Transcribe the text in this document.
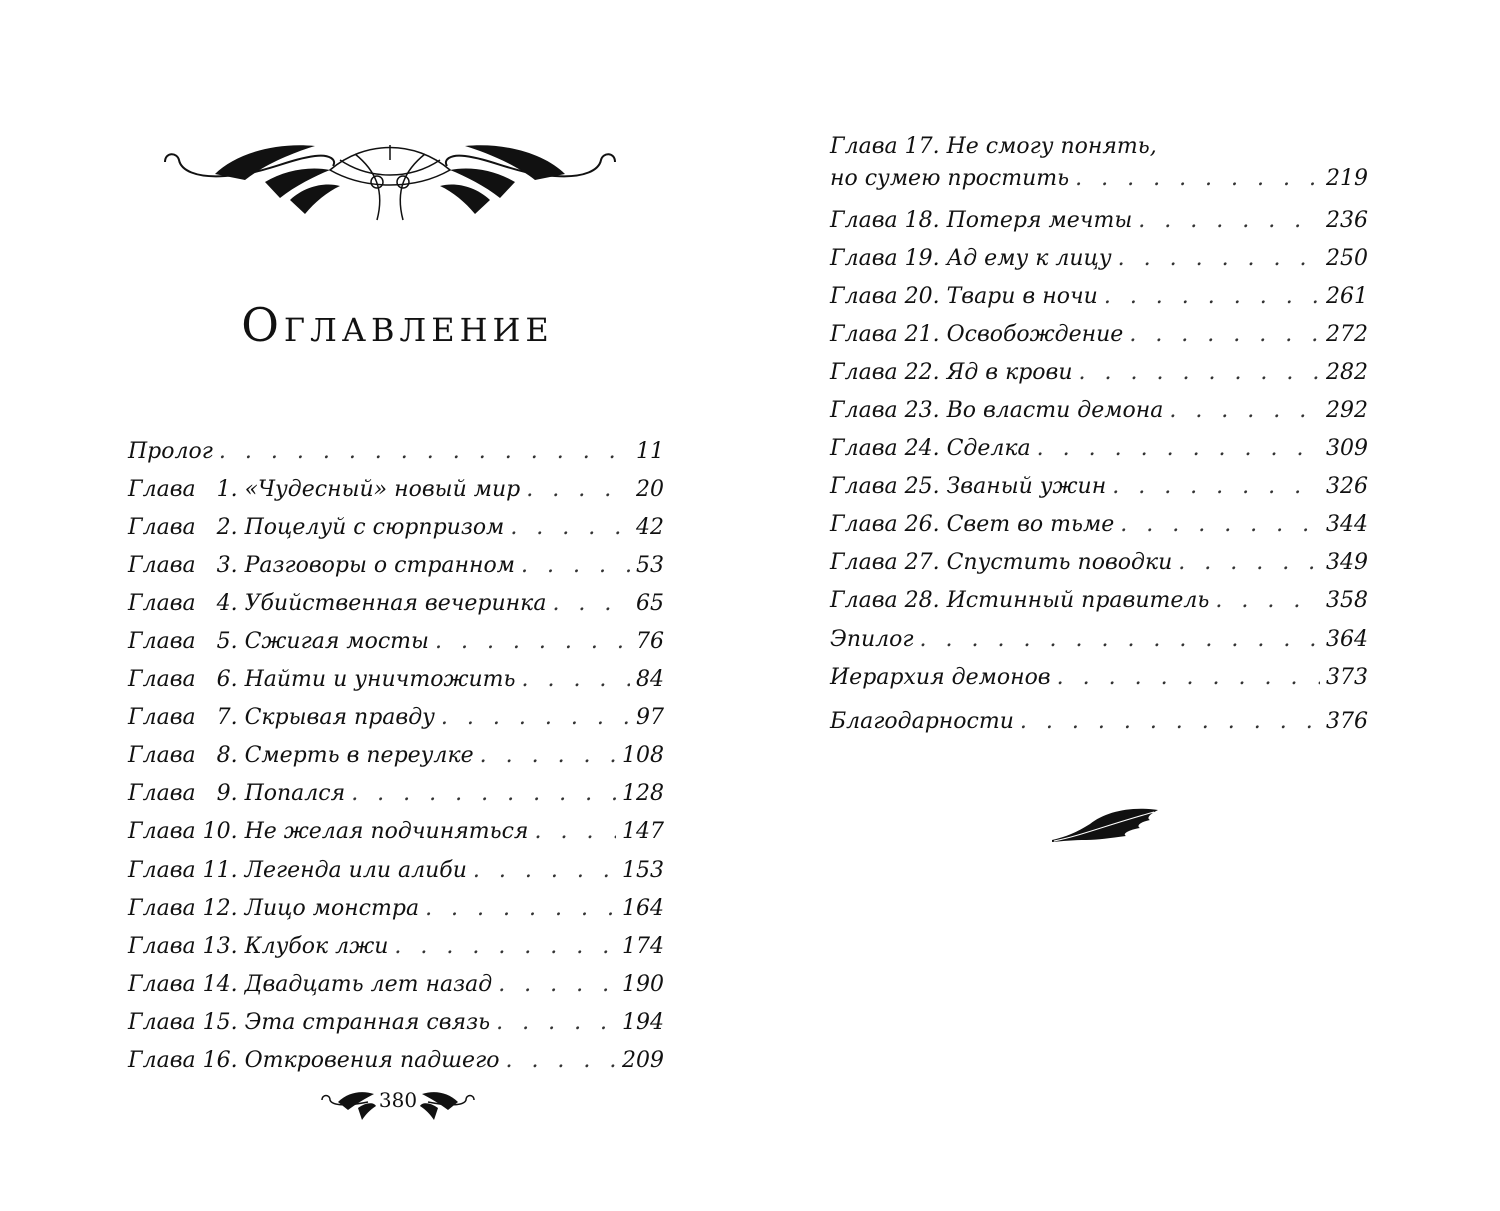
Оглавление
Пролог . . .	11
Глава   1. «Чудесный» новый мир . . .	20
Глава   2. Поцелуй с сюрпризом . . .	42
Глава   3. Разговоры о странном . . .	53
Глава   4. Убийственная вечеринка . . .	65
Глава   5. Сжигая мосты . . .	76
Глава   6. Найти и уничтожить . . .	84
Глава   7. Скрывая правду . . .	97
Глава   8. Смерть в переулке . . .	108
Глава   9. Попался . . .	128
Глава 10. Не желая подчиняться . . .	147
Глава 11. Легенда или алиби . . .	153
Глава 12. Лицо монстра . . .	164
Глава 13. Клубок лжи . . .	174
Глава 14. Двадцать лет назад . . .	190
Глава 15. Эта странная связь . . .	194
Глава 16. Откровения падшего . . .	209
380
Глава 17. Не смогу понять,
но сумею простить . . .	219
Глава 18. Потеря мечты . . .	236
Глава 19. Ад ему к лицу . . .	250
Глава 20. Твари в ночи . . .	261
Глава 21. Освобождение . . .	272
Глава 22. Яд в крови . . .	282
Глава 23. Во власти демона . . .	292
Глава 24. Сделка . . .	309
Глава 25. Званый ужин . . .	326
Глава 26. Свет во тьме . . .	344
Глава 27. Спустить поводки . . .	349
Глава 28. Истинный правитель . . .	358
Эпилог . . .	364
Иерархия демонов . . .	373
Благодарности . . .	376
